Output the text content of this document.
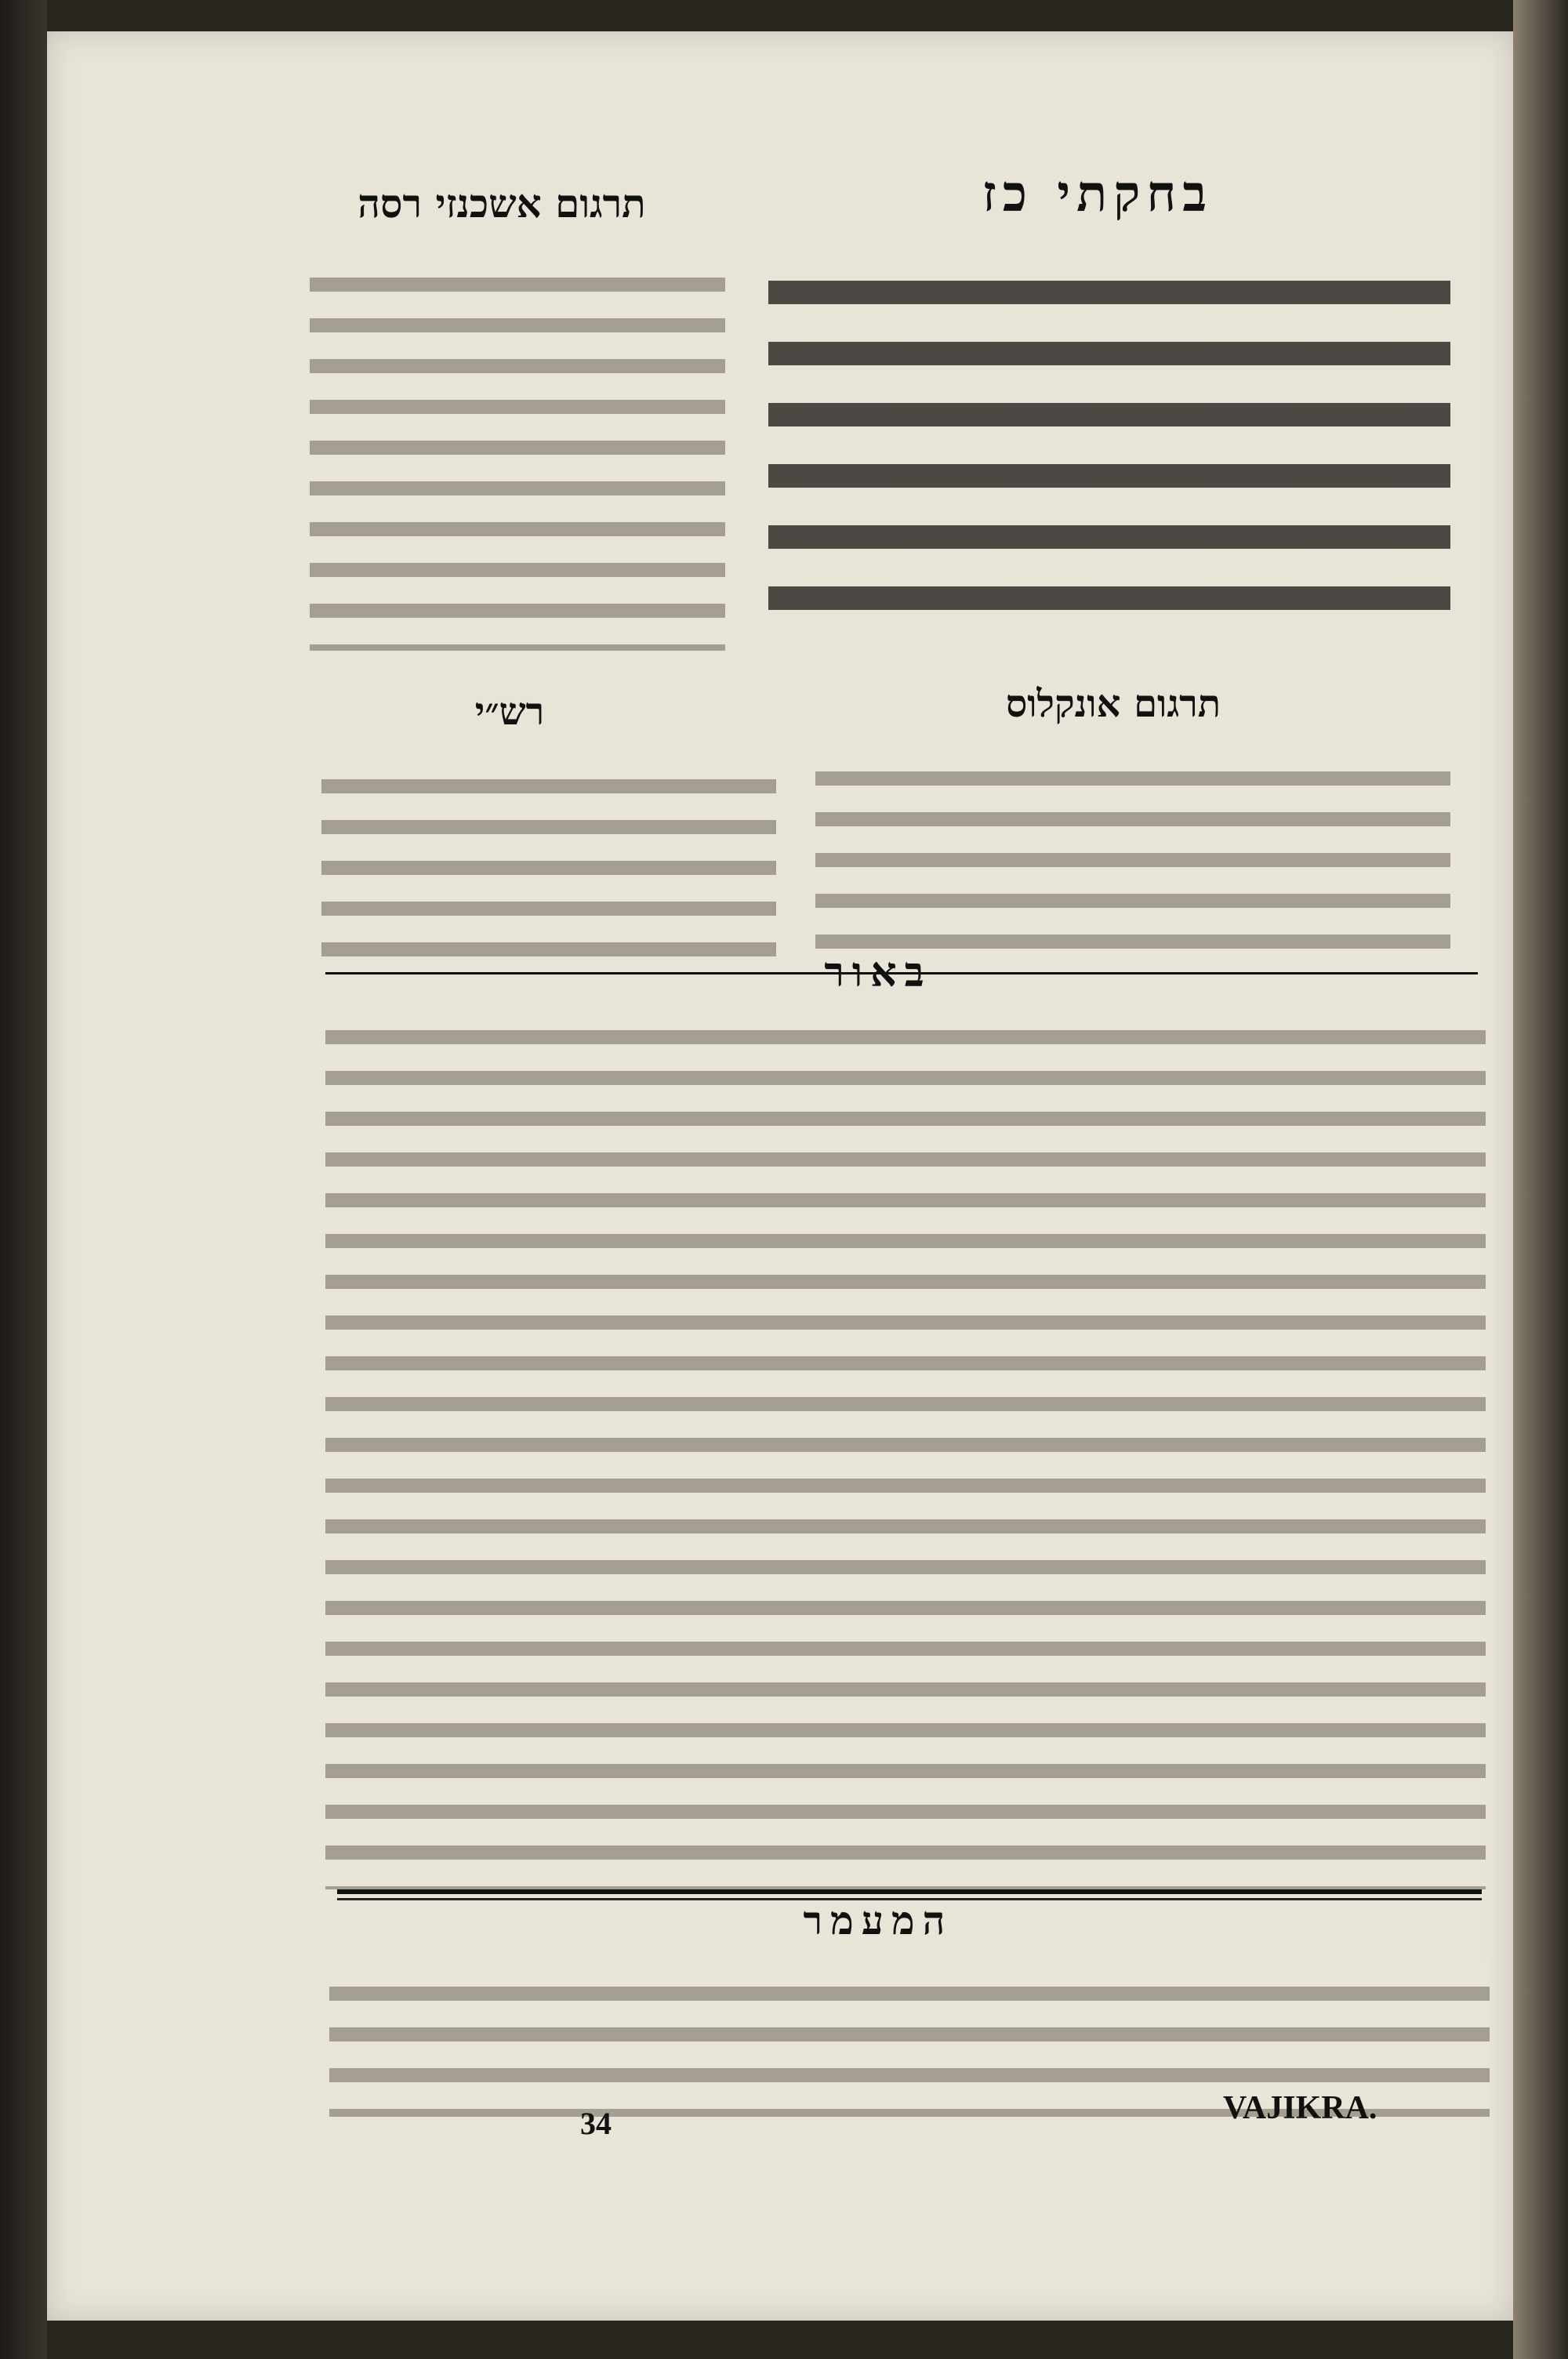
בחקתי כז
תרגום אשכנזי רסה
תרגום אונקלוס
רש״י
באור
המעמר
34	VAJIKRA.
